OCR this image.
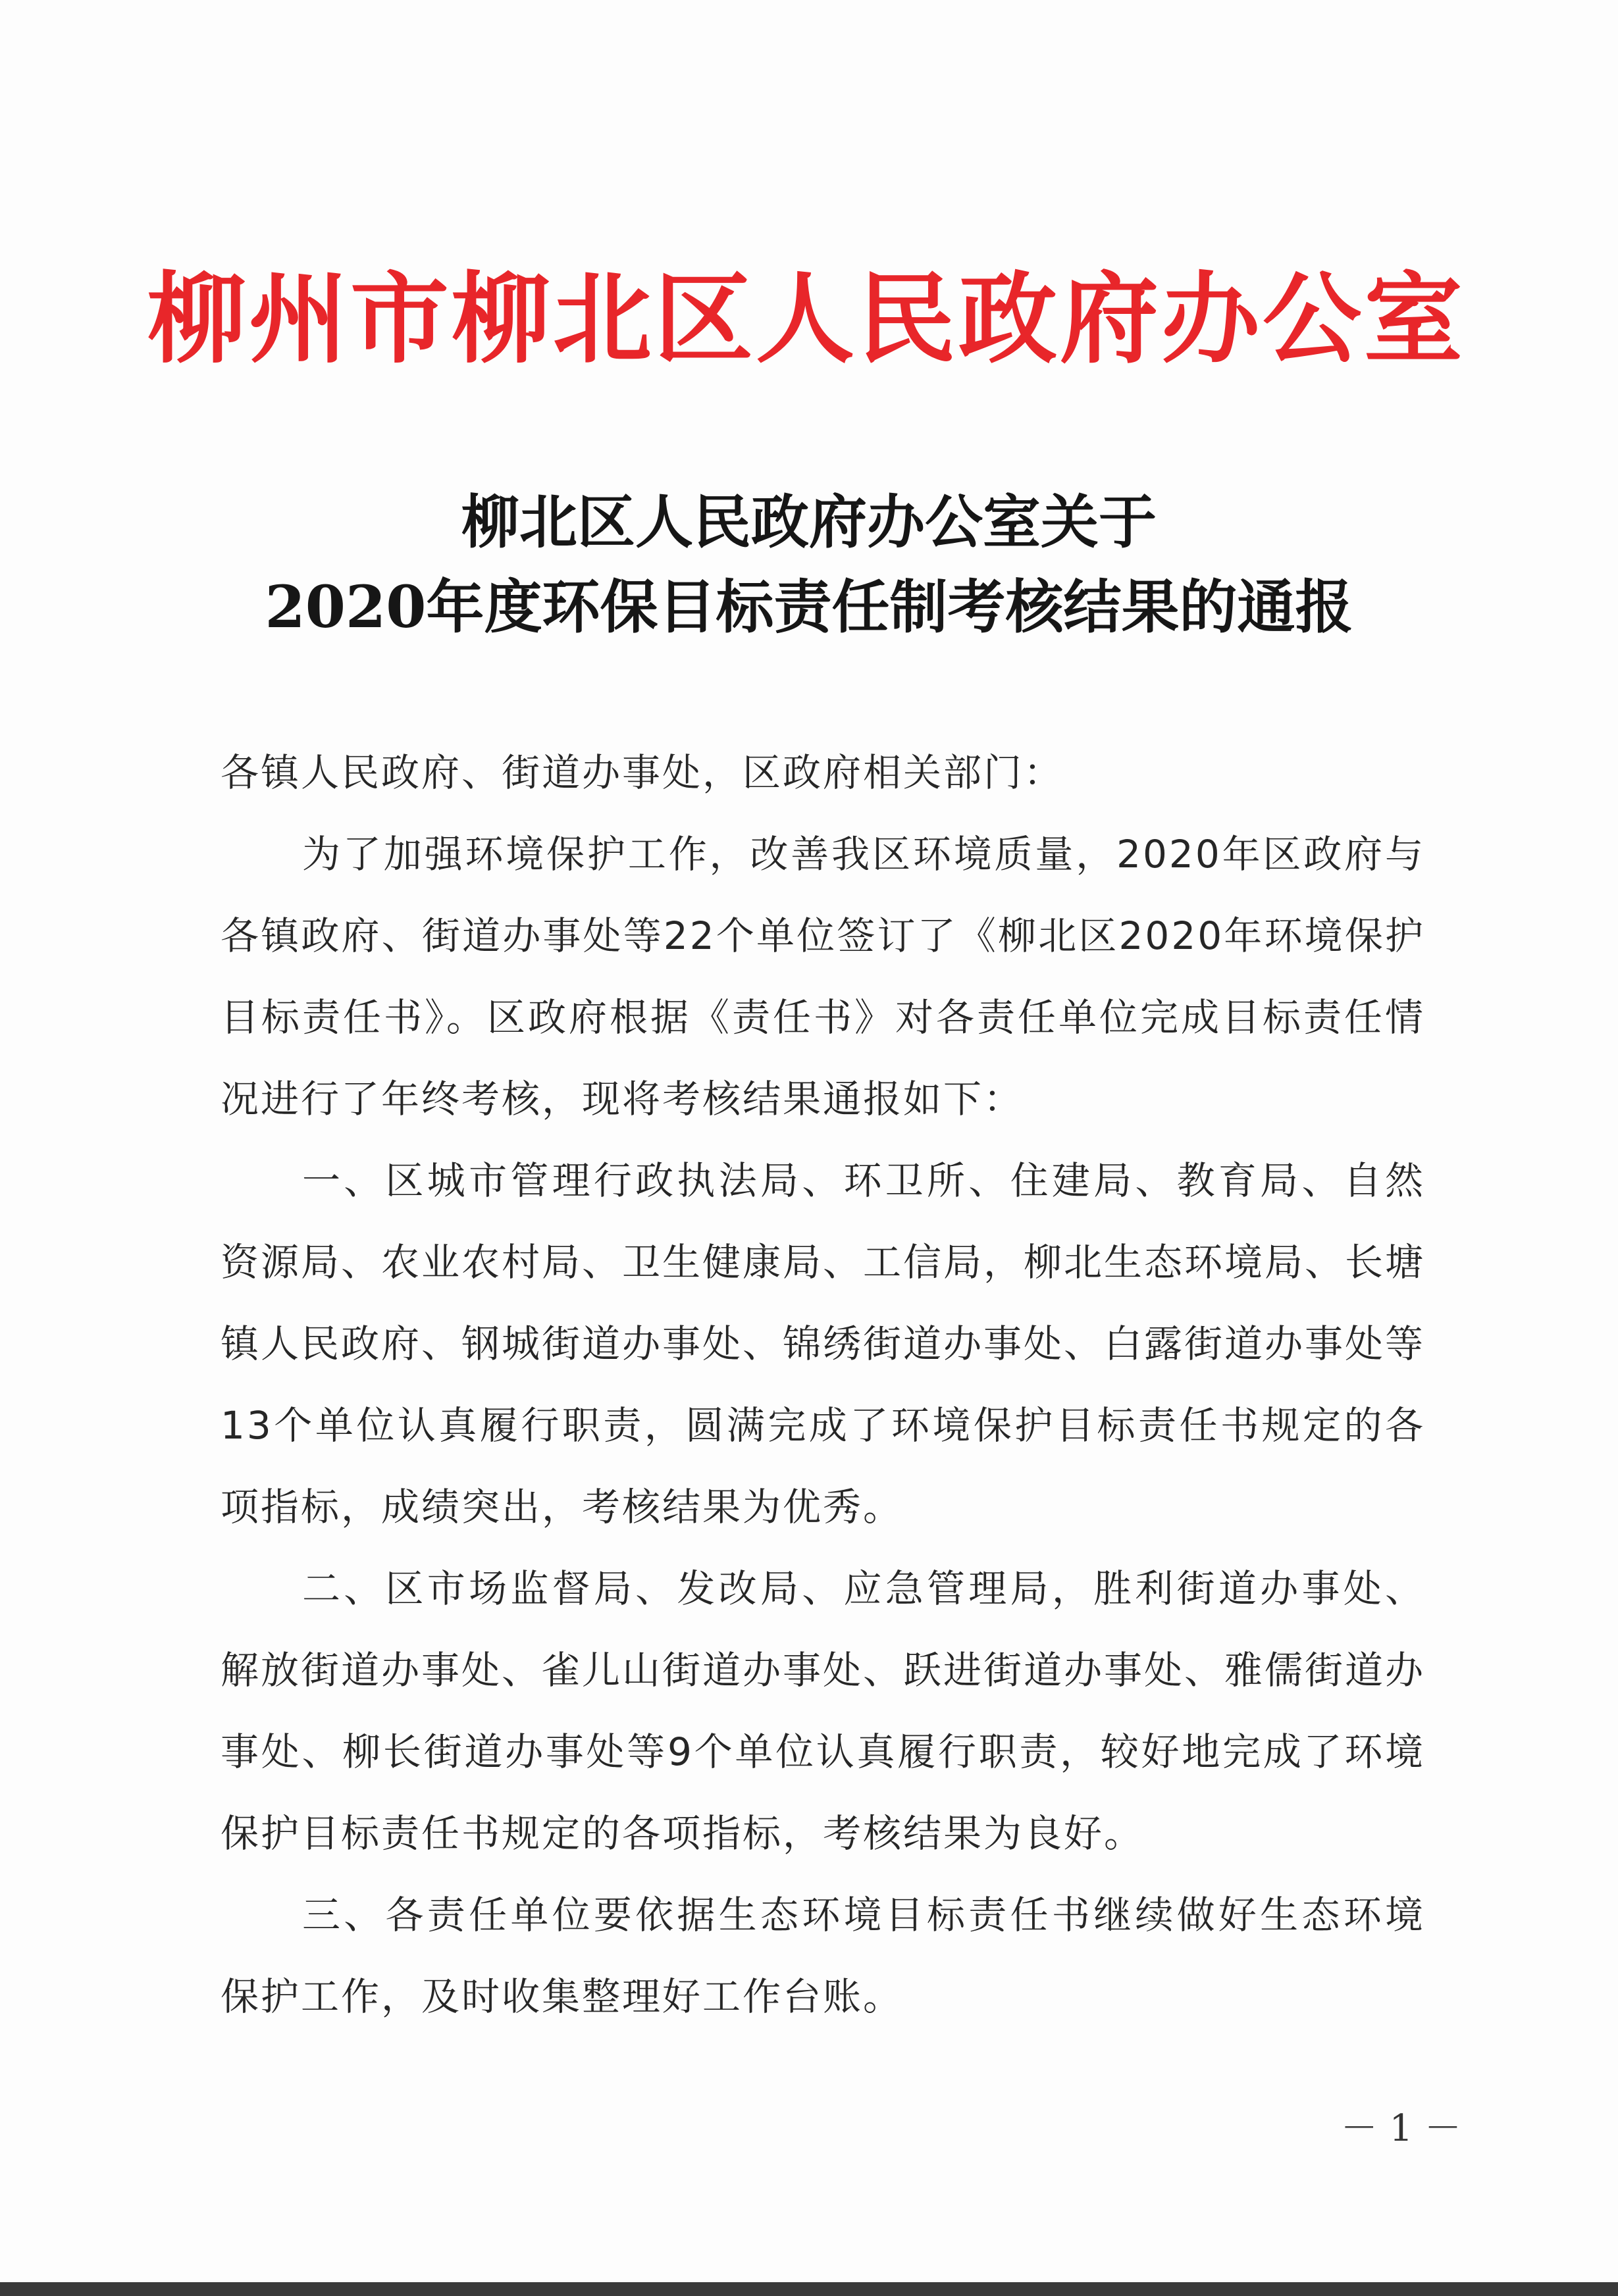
柳州市柳北区人民政府办公室
柳北区人民政府办公室关于
2020年度环保目标责任制考核结果的通报

各镇人民政府、街道办事处，区政府相关部门：

为了加强环境保护工作，改善我区环境质量，2020年区政府与各镇政府、街道办事处等22个单位签订了《柳北区2020年环境保护目标责任书》。区政府根据《责任书》对各责任单位完成目标责任情况进行了年终考核，现将考核结果通报如下：

一、区城市管理行政执法局、环卫所、住建局、教育局、自然资源局、农业农村局、卫生健康局、工信局，柳北生态环境局、长塘镇人民政府、钢城街道办事处、锦绣街道办事处、白露街道办事处等13个单位认真履行职责，圆满完成了环境保护目标责任书规定的各项指标，成绩突出，考核结果为优秀。

二、区市场监督局、发改局、应急管理局，胜利街道办事处、解放街道办事处、雀儿山街道办事处、跃进街道办事处、雅儒街道办事处、柳长街道办事处等9个单位认真履行职责，较好地完成了环境保护目标责任书规定的各项指标，考核结果为良好。

三、各责任单位要依据生态环境目标责任书继续做好生态环境保护工作，及时收集整理好工作台账。

－ 1 －
